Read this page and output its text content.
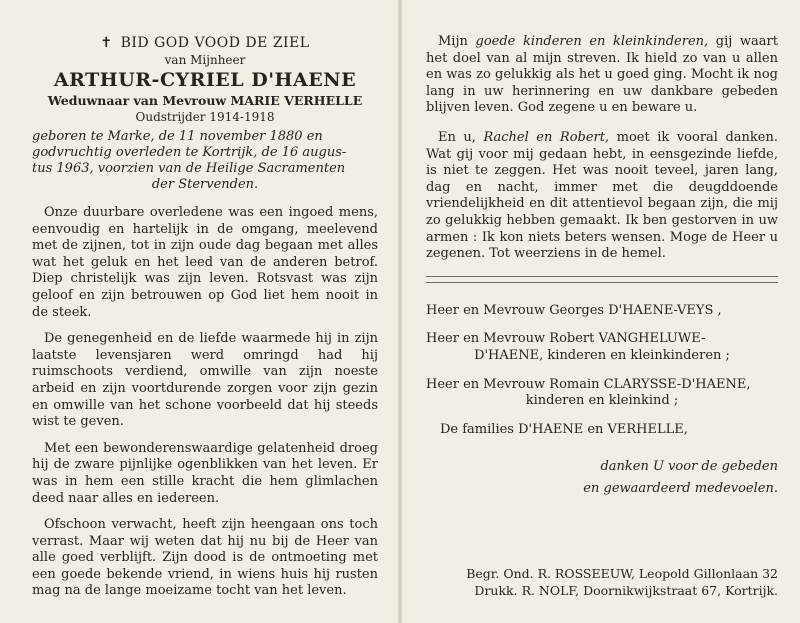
✝ BID GOD VOOD DE ZIEL
van Mijnheer
ARTHUR-CYRIEL D'HAENE
Weduwnaar van Mevrouw MARIE VERHELLE
Oudstrijder 1914-1918
geboren te Marke, de 11 november 1880 en
godvruchtig overleden te Kortrijk, de 16 augus-
tus 1963, voorzien van de Heilige Sacramenten
der Stervenden.

Onze duurbare overledene was een ingoed mens, eenvoudig en hartelijk in de omgang, meelevend met de zijnen, tot in zijn oude dag begaan met alles wat het geluk en het leed van de anderen betrof. Diep christelijk was zijn leven. Rotsvast was zijn geloof en zijn betrouwen op God liet hem nooit in de steek.

De genegenheid en de liefde waarmede hij in zijn laatste levensjaren werd omringd had hij ruimschoots verdiend, omwille van zijn noeste arbeid en zijn voortdurende zorgen voor zijn gezin en omwille van het schone voorbeeld dat hij steeds wist te geven.

Met een bewonderenswaardige gelatenheid droeg hij de zware pijnlijke ogenblikken van het leven. Er was in hem een stille kracht die hem glimlachen deed naar alles en iedereen.

Ofschoon verwacht, heeft zijn heengaan ons toch verrast. Maar wij weten dat hij nu bij de Heer van alle goed verblijft. Zijn dood is de ontmoeting met een goede bekende vriend, in wiens huis hij rusten mag na de lange moeizame tocht van het leven.

Mijn goede kinderen en kleinkinderen, gij waart het doel van al mijn streven. Ik hield zo van u allen en was zo gelukkig als het u goed ging. Mocht ik nog lang in uw herinnering en uw dankbare gebeden blijven leven. God zegene u en beware u.

En u, Rachel en Robert, moet ik vooral danken. Wat gij voor mij gedaan hebt, in eensgezinde liefde, is niet te zeggen. Het was nooit teveel, jaren lang, dag en nacht, immer met die deugddoende vriendelijkheid en dit attentievol begaan zijn, die mij zo gelukkig hebben gemaakt. Ik ben gestorven in uw armen : Ik kon niets beters wensen. Moge de Heer u zegenen. Tot weerziens in de hemel.

Heer en Mevrouw Georges D'HAENE-VEYS ,
Heer en Mevrouw Robert VANGHELUWE-
D'HAENE, kinderen en kleinkinderen ;
Heer en Mevrouw Romain CLARYSSE-D'HAENE,
kinderen en kleinkind ;
De families D'HAENE en VERHELLE,
danken U voor de gebeden
en gewaardeerd medevoelen.
Begr. Ond. R. ROSSEEUW, Leopold Gillonlaan 32
Drukk. R. NOLF, Doornikwijkstraat 67, Kortrijk.
